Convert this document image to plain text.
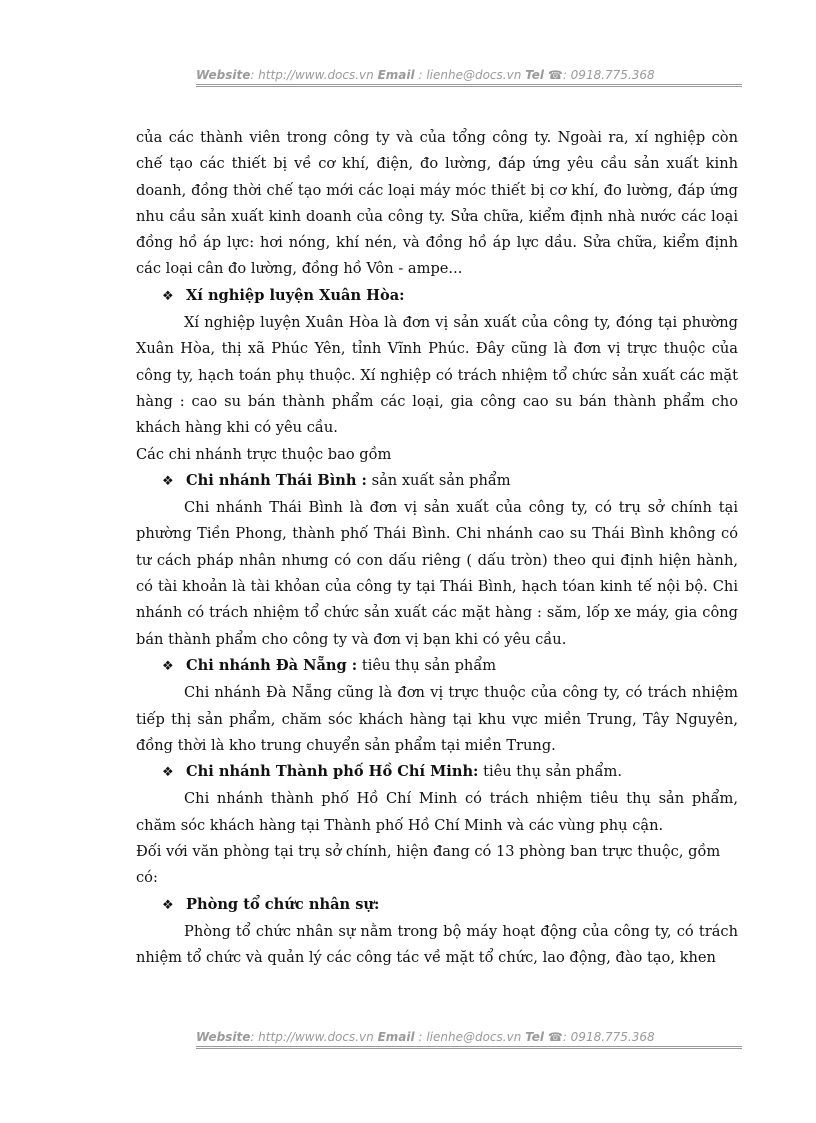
Website: http://www.docs.vn Email : lienhe@docs.vn Tel ☎: 0918.775.368

của các thành viên trong công ty và của tổng công ty. Ngoài ra, xí nghiệp còn chế tạo các thiết bị về cơ khí, điện, đo lường, đáp ứng yêu cầu sản xuất kinh doanh, đồng thời chế tạo mới các loại máy móc thiết bị cơ khí, đo lường, đáp ứng nhu cầu sản xuất kinh doanh của công ty. Sửa chữa, kiểm định nhà nước các loại đồng hồ áp lực: hơi nóng, khí nén, và đồng hồ áp lực dầu. Sửa chữa, kiểm định các loại cân đo lường, đồng hồ Vôn - ampe...

❖ Xí nghiệp luyện Xuân Hòa:

Xí nghiệp luyện Xuân Hòa là đơn vị sản xuất của công ty, đóng tại phường Xuân Hòa, thị xã Phúc Yên, tỉnh Vĩnh Phúc. Đây cũng là đơn vị trực thuộc của công ty, hạch toán phụ thuộc. Xí nghiệp có trách nhiệm tổ chức sản xuất các mặt hàng : cao su bán thành phẩm các loại, gia công cao su bán thành phẩm cho khách hàng khi có yêu cầu.

Các chi nhánh trực thuộc bao gồm

❖ Chi nhánh Thái Bình : sản xuất sản phẩm

Chi nhánh Thái Bình là đơn vị sản xuất của công ty, có trụ sở chính tại phường Tiền Phong, thành phố Thái Bình. Chi nhánh cao su Thái Bình không có tư cách pháp nhân nhưng có con dấu riêng ( dấu tròn) theo qui định hiện hành, có tài khoản là tài khỏan của công ty tại Thái Bình, hạch tóan kinh tế nội bộ. Chi nhánh có trách nhiệm tổ chức sản xuất các mặt hàng : săm, lốp xe máy, gia công bán thành phẩm cho công ty và đơn vị bạn khi có yêu cầu.

❖ Chi nhánh Đà Nẵng : tiêu thụ sản phẩm

Chi nhánh Đà Nẵng cũng là đơn vị trực thuộc của công ty, có trách nhiệm tiếp thị sản phẩm, chăm sóc khách hàng tại khu vực miền Trung, Tây Nguyên, đồng thời là kho trung chuyển sản phẩm tại miền Trung.

❖ Chi nhánh Thành phố Hồ Chí Minh: tiêu thụ sản phẩm.

Chi nhánh thành phố Hồ Chí Minh có trách nhiệm tiêu thụ sản phẩm, chăm sóc khách hàng tại Thành phố Hồ Chí Minh và các vùng phụ cận.

Đối với văn phòng tại trụ sở chính, hiện đang có 13 phòng ban trực thuộc, gồm có:

❖ Phòng tổ chức nhân sự:

Phòng tổ chức nhân sự nằm trong bộ máy hoạt động của công ty, có trách nhiệm tổ chức và quản lý các công tác về mặt tổ chức, lao động, đào tạo, khen

Website: http://www.docs.vn Email : lienhe@docs.vn Tel ☎: 0918.775.368
